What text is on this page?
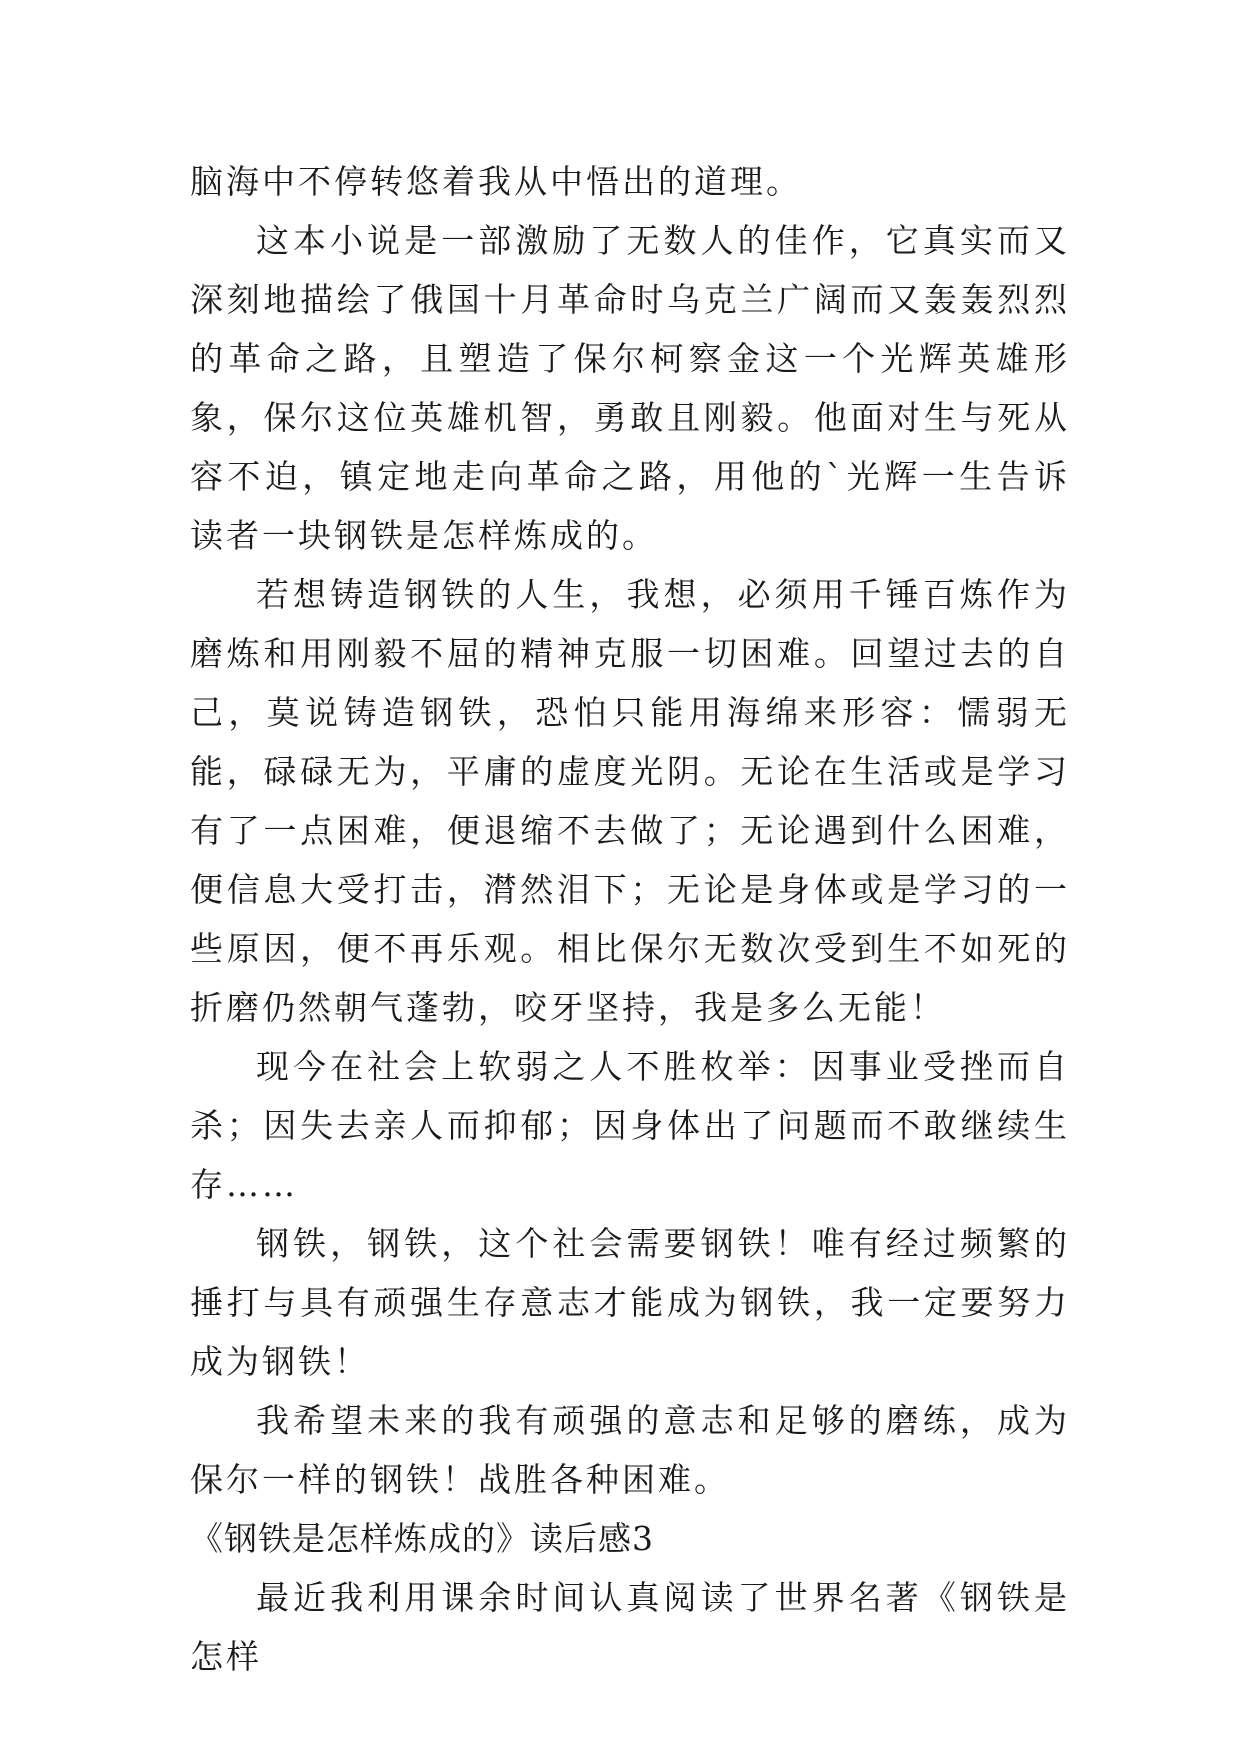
脑海中不停转悠着我从中悟出的道理。

这本小说是一部激励了无数人的佳作，它真实而又深刻地描绘了俄国十月革命时乌克兰广阔而又轰轰烈烈的革命之路，且塑造了保尔柯察金这一个光辉英雄形象，保尔这位英雄机智，勇敢且刚毅。他面对生与死从容不迫，镇定地走向革命之路，用他的`光辉一生告诉读者一块钢铁是怎样炼成的。

若想铸造钢铁的人生，我想，必须用千锤百炼作为磨炼和用刚毅不屈的精神克服一切困难。回望过去的自己，莫说铸造钢铁，恐怕只能用海绵来形容：懦弱无能，碌碌无为，平庸的虚度光阴。无论在生活或是学习有了一点困难，便退缩不去做了；无论遇到什么困难，便信息大受打击，潸然泪下；无论是身体或是学习的一些原因，便不再乐观。相比保尔无数次受到生不如死的折磨仍然朝气蓬勃，咬牙坚持，我是多么无能！

现今在社会上软弱之人不胜枚举：因事业受挫而自杀；因失去亲人而抑郁；因身体出了问题而不敢继续生存……

钢铁，钢铁，这个社会需要钢铁！唯有经过频繁的捶打与具有顽强生存意志才能成为钢铁，我一定要努力成为钢铁！

我希望未来的我有顽强的意志和足够的磨练，成为保尔一样的钢铁！战胜各种困难。

《钢铁是怎样炼成的》读后感3

最近我利用课余时间认真阅读了世界名著《钢铁是怎样
